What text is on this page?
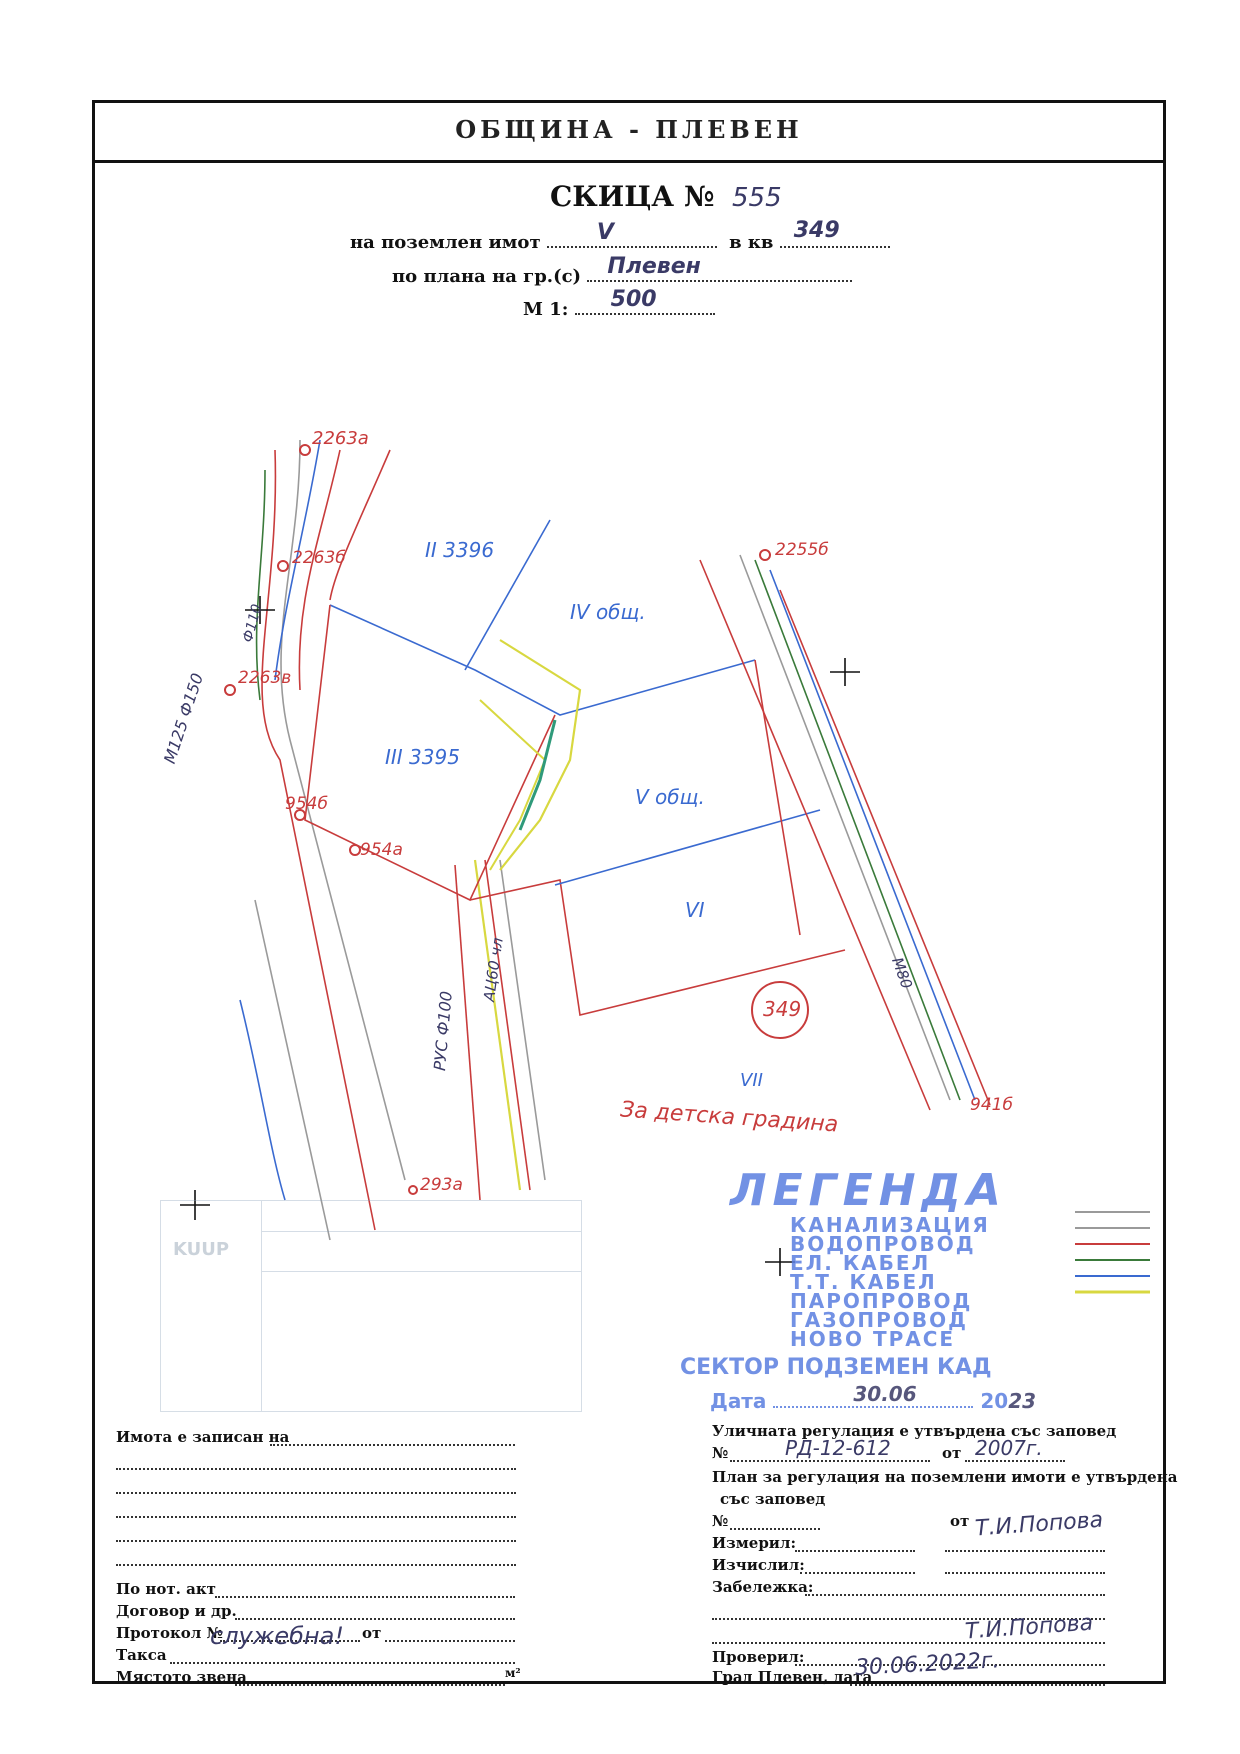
ОБЩИНА - ПЛЕВЕН
СКИЦА № 555
на поземлен имот	V	в кв 349
по плана на гр.(с) Плевен
М 1: 500
2263а
2263б
2263в
954б
954а
293а
2255б
941б
II 3396
III 3395
IV общ.
V общ.
VI
VII
349
За детска градина
М125 Ф150
Ф110
РУС Ф100
АЦ60 чл	М80
KUUP
ЛЕГЕНДА
КАНАЛИЗАЦИЯ
ВОДОПРОВОД
ЕЛ. КАБЕЛ
Т.Т. КАБЕЛ
ПАРОПРОВОД
ГАЗОПРОВОД
НОВО ТРАСЕ
СЕКТОР ПОДЗЕМЕН КАД
Дата	30.06	2023
Имота е записан на
По нот. акт
Договор и др.
Протокол №	от
Такса
служебна!
Мястото звена	м²
Уличната регулация е утвърдена със заповед
№	РД-12-612	от 2007г.
План за регулация на поземлени имоти е утвърдена
със заповед
№	от Т.И.Попова
Измерил:
Изчислил:
Забележка:
Проверил:
Т.И.Попова
Град Плевен, дата
30.06.2022г.
